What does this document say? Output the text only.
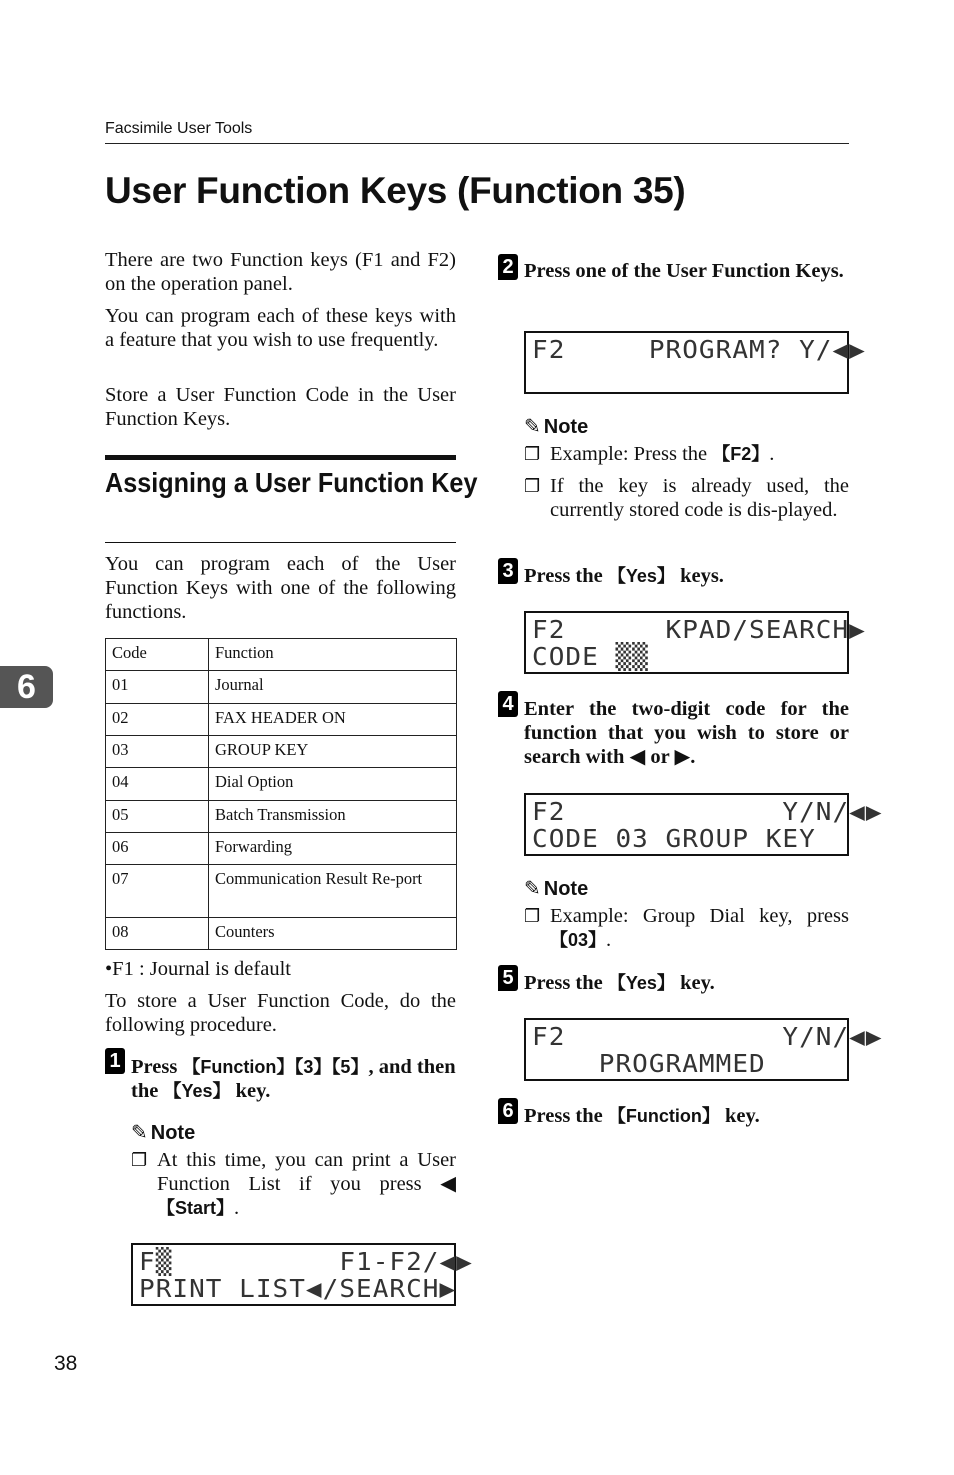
Facsimile User Tools
User Function Keys (Function 35)

There are two Function keys (F1 and F2) on the operation panel.

You can program each of these keys with a feature that you wish to use frequently.

Store a User Function Code in the User Function Keys.

Assigning a User Function Key

You can program each of the User Function Keys with one of the following functions.

Code	Function
01	Journal
02	FAX HEADER ON
03	GROUP KEY
04	Dial Option
05	Batch Transmission
06	Forwarding
07	Communication Result Re-port
08	Counters
6

•F1 : Journal is default

To store a User Function Code, do the following procedure.

1 Press 【Function】【3】【5】, and then the 【Yes】 key.
✎ Note
❐ At this time, you can print a User Function List if you press ◀【Start】.
F▒          F1-F2/◀▶
PRINT LIST◀/SEARCH▶
2 Press one of the User Function Keys.
F2     PROGRAM? Y/◀▶
✎ Note
❐ Example: Press the 【F2】.
❐ If the key is already used, the currently stored code is dis-played.
3 Press the 【Yes】 keys.
F2      KPAD/SEARCH▶
CODE ▒▒
4 Enter the two-digit code for the function that you wish to store or search with ◀ or ▶.
F2             Y/N/◀▶
CODE 03 GROUP KEY
✎ Note
❐ Example: Group Dial key, press 【03】.
5 Press the 【Yes】 key.
F2             Y/N/◀▶
PROGRAMMED
6 Press the 【Function】 key.
38
